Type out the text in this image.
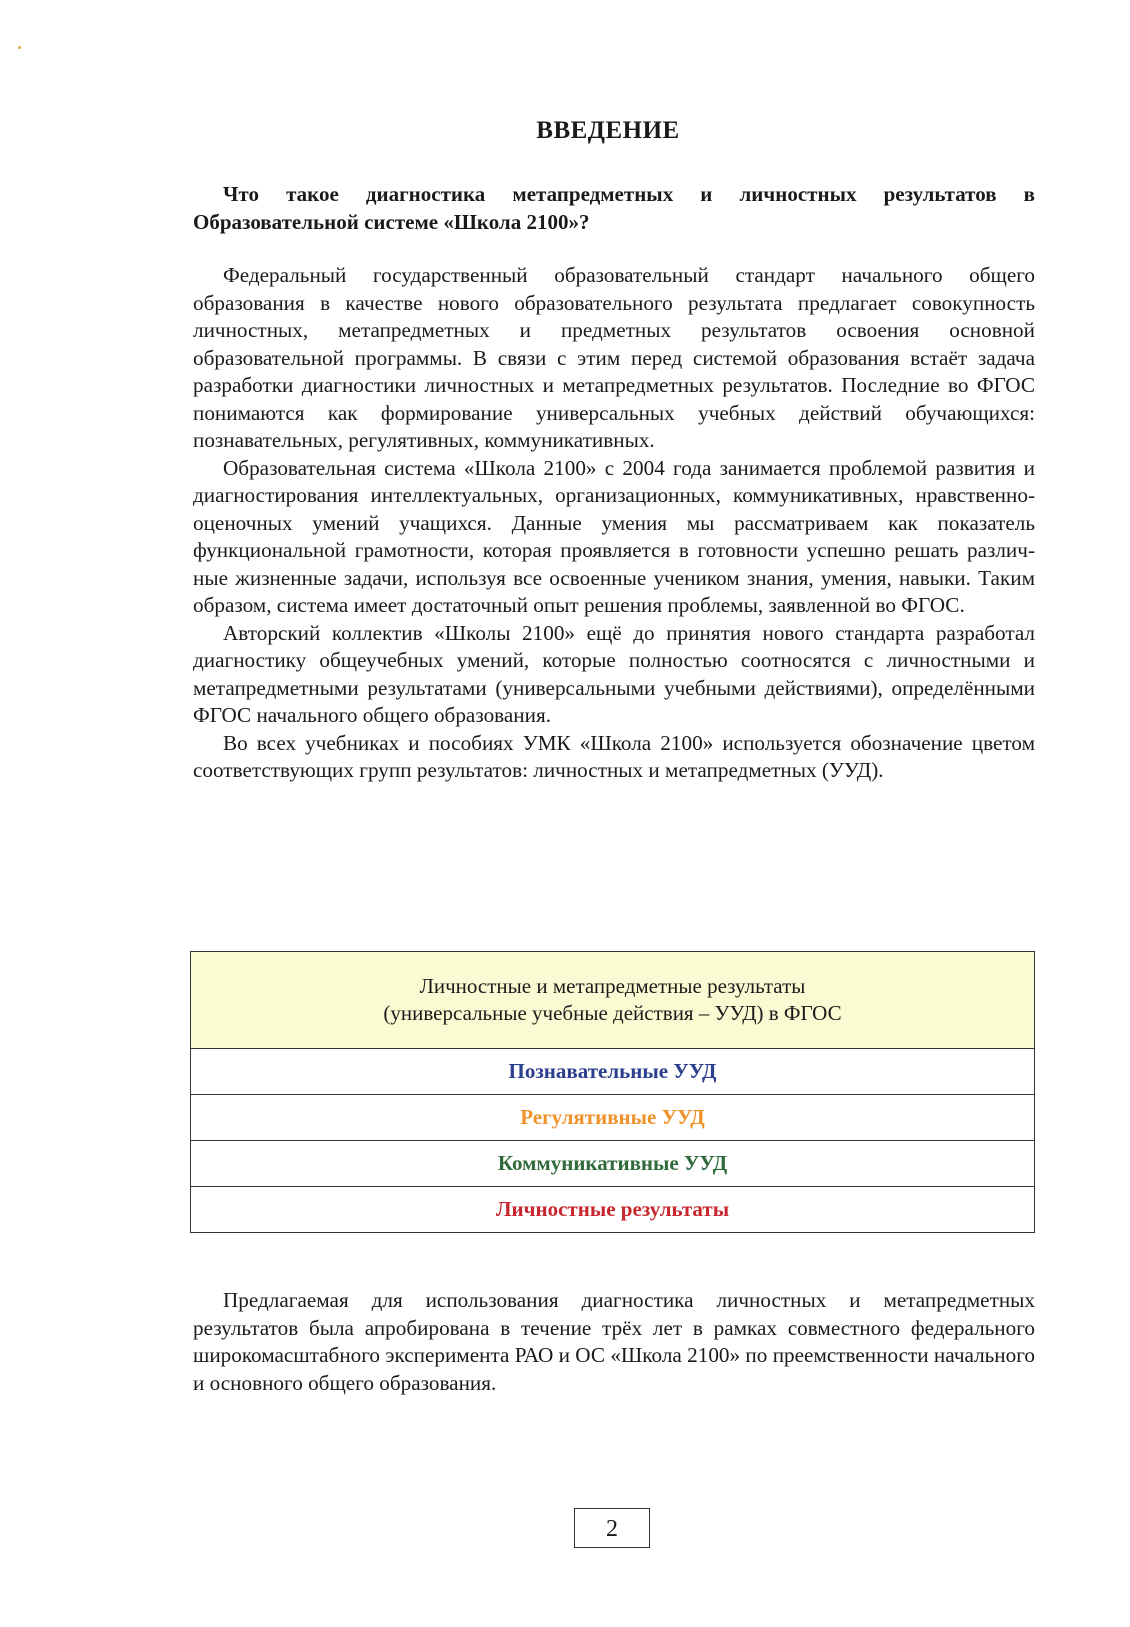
ВВЕДЕНИЕ

Что такое диагностика метапредметных и личностных результатов в Образовательной системе «Школа 2100»?

Федеральный государственный образовательный стандарт начального общего образования в качестве нового образовательного результата предлагает совокупность личностных, метапредметных и предметных результатов освоения основной образовательной программы. В связи с этим перед системой образования встаёт задача разработки диагностики личностных и метапредметных результатов. Последние во ФГОС понимаются как формирование универсальных учебных действий обучающихся: познавательных, регулятивных, коммуникативных.

Образовательная система «Школа 2100» с 2004 года занимается проблемой развития и диагностирования интеллектуальных, организационных, коммуникативных, нравственно-оценочных умений учащихся. Данные умения мы рассматриваем как показатель функциональной грамотности, которая проявляется в готовности успешно решать различные жизненные задачи, используя все освоенные учеником знания, умения, навыки. Таким образом, система имеет достаточный опыт решения проблемы, заявленной во ФГОС.

Авторский коллектив «Школы 2100» ещё до принятия нового стандарта разработал диагностику общеучебных умений, которые полностью соотносятся с личностными и метапредметными результатами (универсальными учебными действиями), определёнными ФГОС начального общего образования.

Во всех учебниках и пособиях УМК «Школа 2100» используется обозначение цветом соответствующих групп результатов: личностных и метапредметных (УУД).

Личностные и метапредметные результаты (универсальные учебные действия – УУД) в ФГОС
Познавательные УУД
Регулятивные УУД
Коммуникативные УУД
Личностные результаты

Предлагаемая для использования диагностика личностных и метапредметных результатов была апробирована в течение трёх лет в рамках совместного федерального широкомасштабного эксперимента РАО и ОС «Школа 2100» по преемственности начального и основного общего образования.

2
